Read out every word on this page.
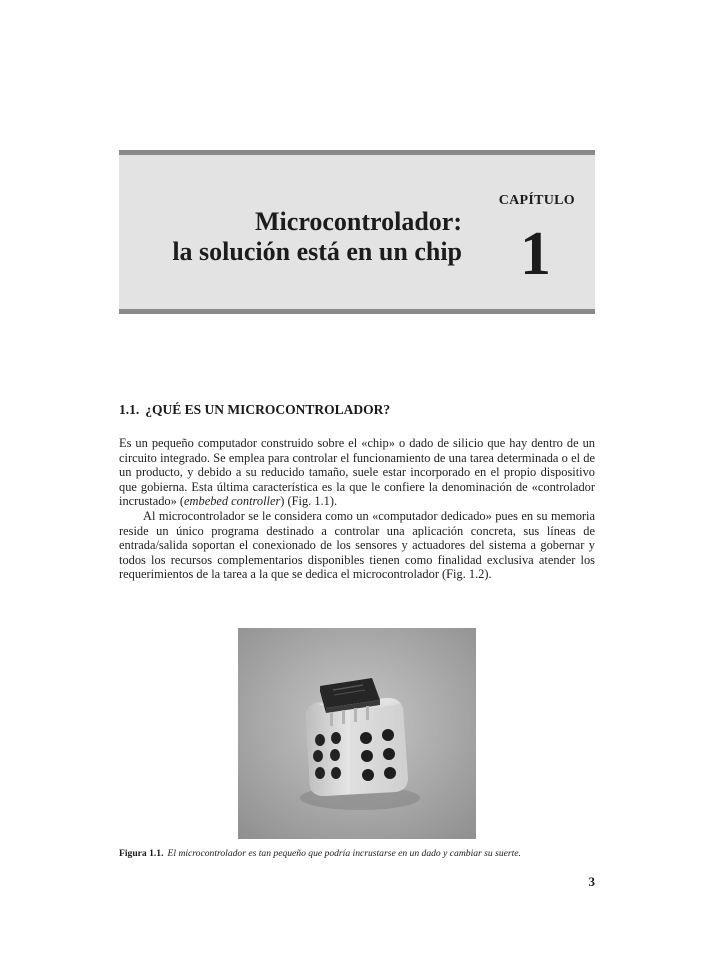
Microcontrolador:
la solución está en un chip
CAPÍTULO
1
1.1. ¿QUÉ ES UN MICROCONTROLADOR?

Es un pequeño computador construido sobre el «chip» o dado de silicio que hay dentro de un circuito integrado. Se emplea para controlar el funcionamiento de una tarea determinada o el de un producto, y debido a su reducido tamaño, suele estar incorporado en el propio dispositivo que gobierna. Esta última característica es la que le confiere la denominación de «controlador incrustado» (embebed controller) (Fig. 1.1).

Al microcontrolador se le considera como un «computador dedicado» pues en su memoria reside un único programa destinado a controlar una aplicación concreta, sus líneas de entrada/salida soportan el conexionado de los sensores y actuadores del sistema a gobernar y todos los recursos complementarios disponibles tienen como finalidad exclusiva atender los requerimientos de la tarea a la que se dedica el microcontrolador (Fig. 1.2).

Figura 1.1. El microcontrolador es tan pequeño que podría incrustarse en un dado y cambiar su suerte.
3
